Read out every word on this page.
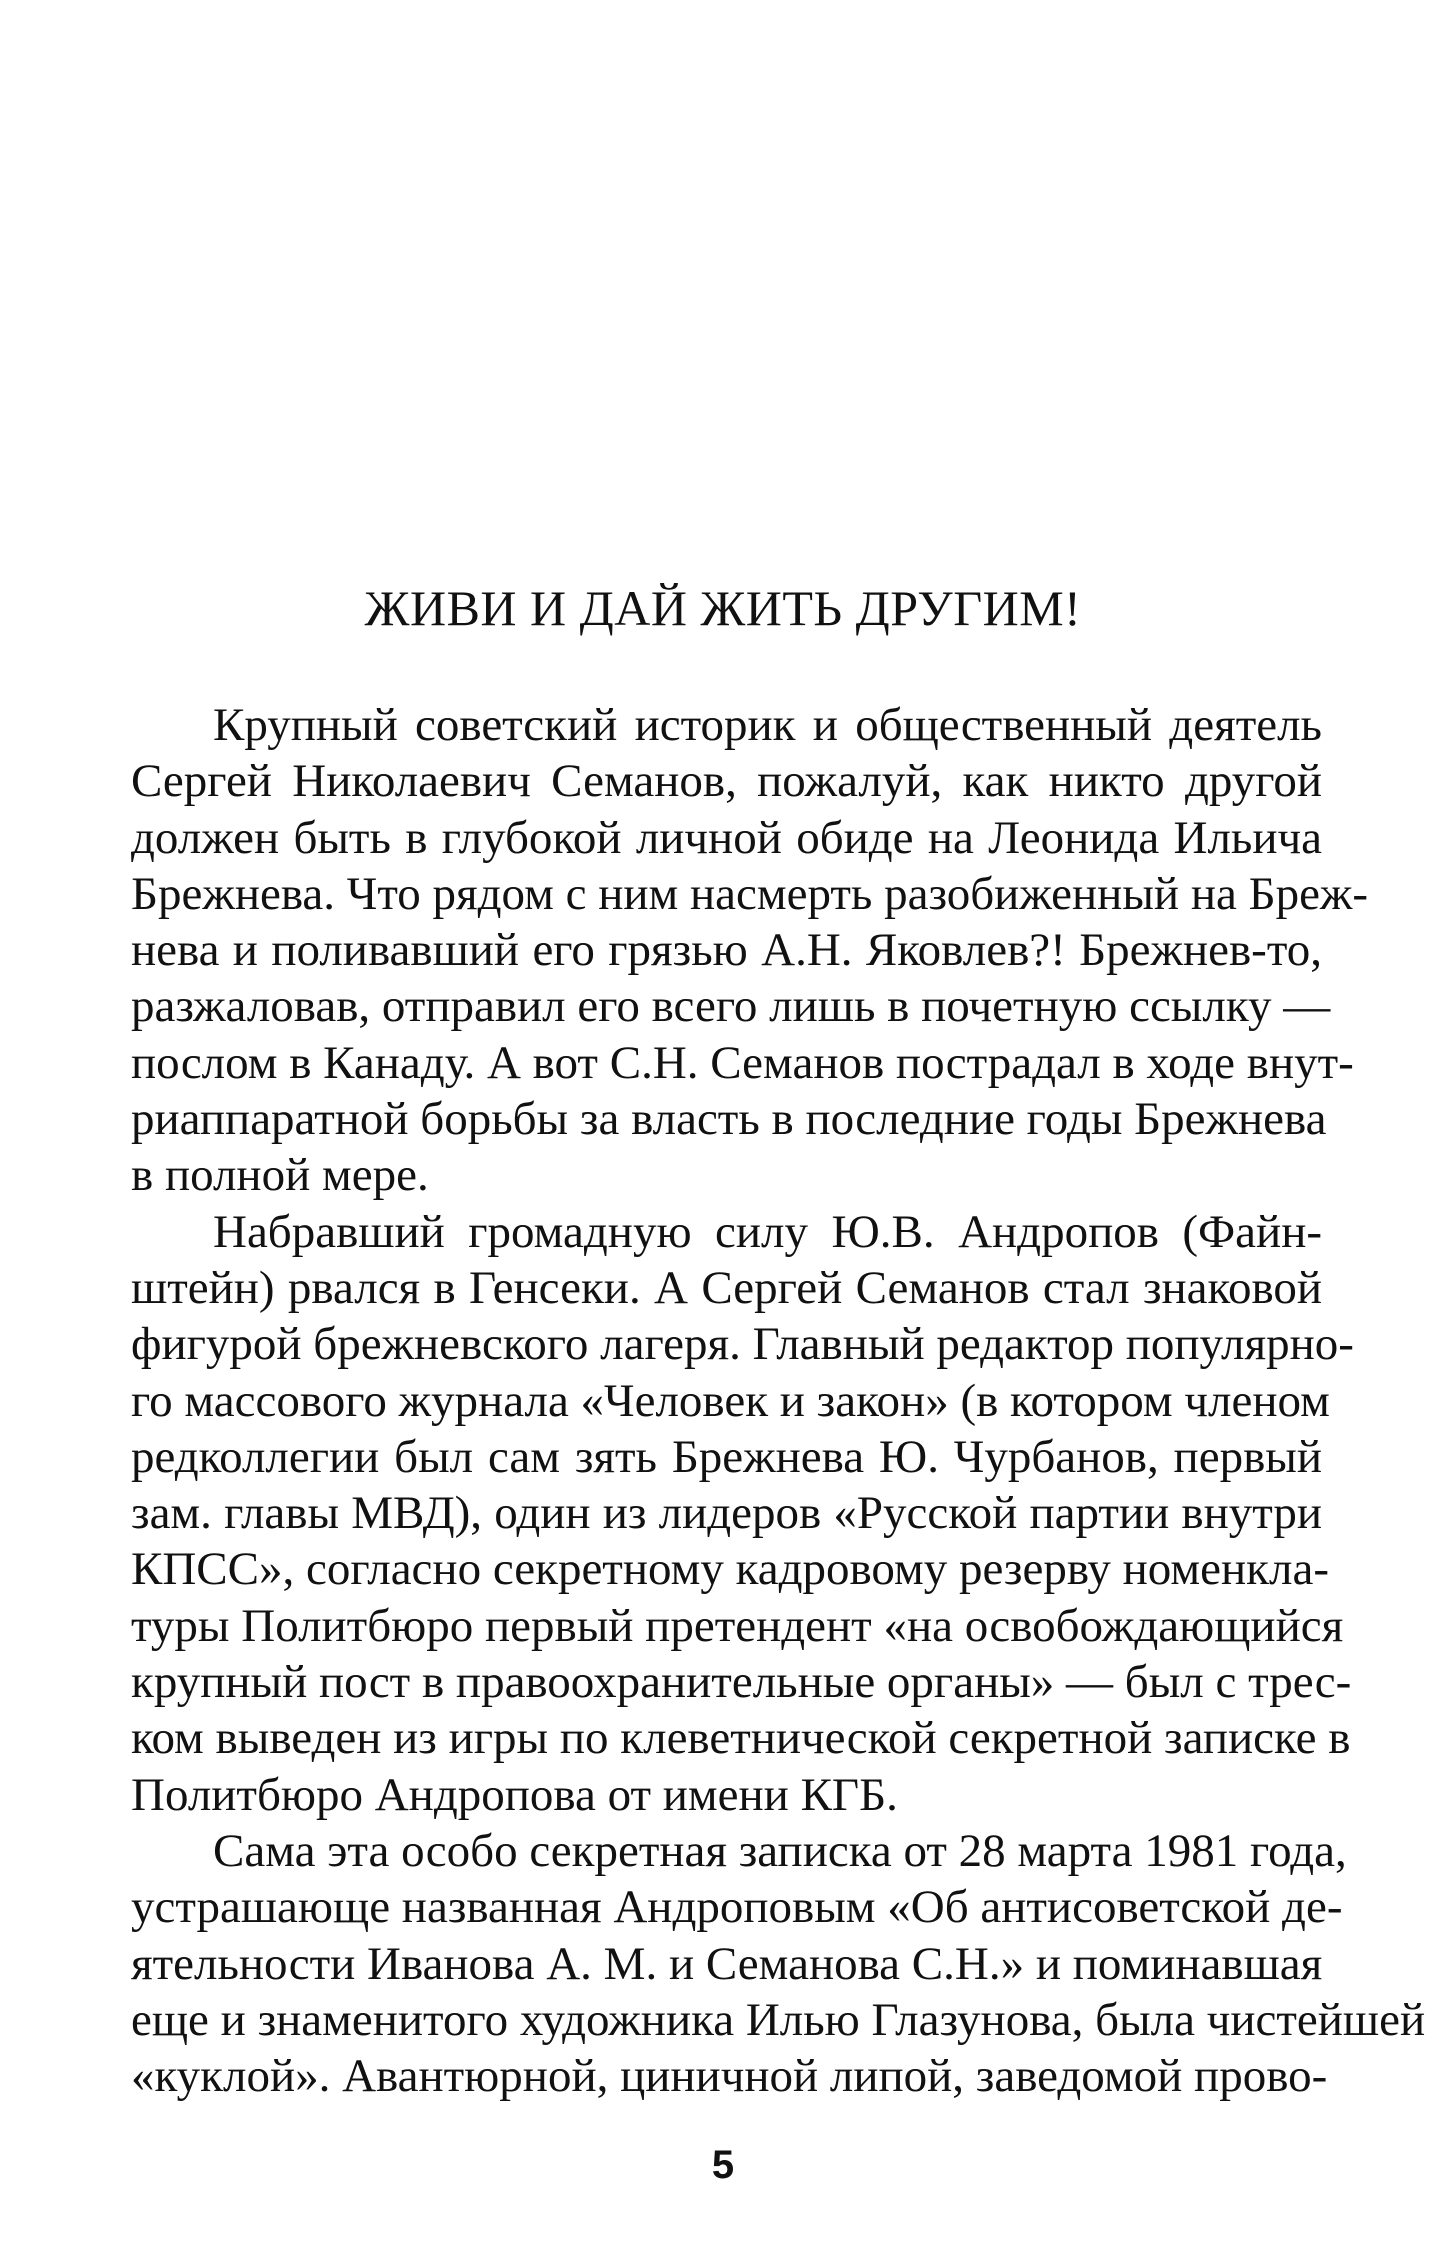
ЖИВИ И ДАЙ ЖИТЬ ДРУГИМ!
Крупный советский историк и общественный деятель
Сергей Николаевич Семанов, пожалуй, как никто другой
должен быть в глубокой личной обиде на Леонида Ильича
Брежнева. Что рядом с ним насмерть разобиженный на Бреж-
нева и поливавший его грязью А.Н. Яковлев?! Брежнев-то,
разжаловав, отправил его всего лишь в почетную ссылку —
послом в Канаду. А вот С.Н. Семанов пострадал в ходе внут-
риаппаратной борьбы за власть в последние годы Брежнева
в полной мере.
Набравший громадную силу Ю.В. Андропов (Файн-
штейн) рвался в Генсеки. А Сергей Семанов стал знаковой
фигурой брежневского лагеря. Главный редактор популярно-
го массового журнала «Человек и закон» (в котором членом
редколлегии был сам зять Брежнева Ю. Чурбанов, первый
зам. главы МВД), один из лидеров «Русской партии внутри
КПСС», согласно секретному кадровому резерву номенкла-
туры Политбюро первый претендент «на освобождающийся
крупный пост в правоохранительные органы» — был с трес-
ком выведен из игры по клеветнической секретной записке в
Политбюро Андропова от имени КГБ.
Сама эта особо секретная записка от 28 марта 1981 года,
устрашающе названная Андроповым «Об антисоветской де-
ятельности Иванова А. М. и Семанова С.Н.» и поминавшая
еще и знаменитого художника Илью Глазунова, была чистейшей
«куклой». Авантюрной, циничной липой, заведомой прово-
5
